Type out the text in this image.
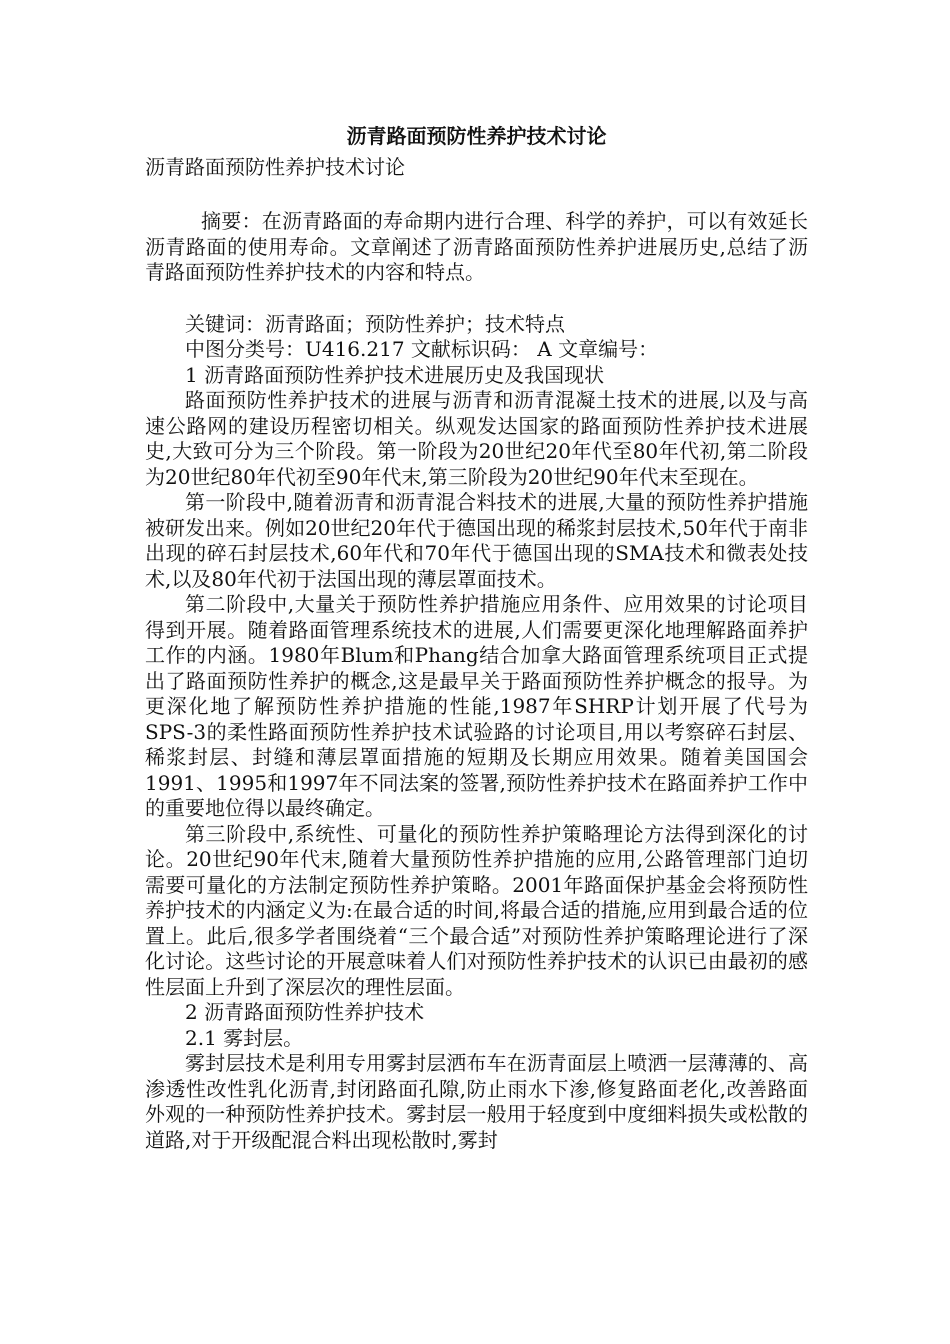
沥青路面预防性养护技术讨论

沥青路面预防性养护技术讨论

摘要：在沥青路面的寿命期内进行合理、科学的养护，可以有效延长沥青路面的使用寿命。文章阐述了沥青路面预防性养护进展历史,总结了沥青路面预防性养护技术的内容和特点。

关键词：沥青路面；预防性养护；技术特点

中图分类号：U416.217 文献标识码： A 文章编号：

1 沥青路面预防性养护技术进展历史及我国现状

路面预防性养护技术的进展与沥青和沥青混凝土技术的进展,以及与高速公路网的建设历程密切相关。纵观发达国家的路面预防性养护技术进展史,大致可分为三个阶段。第一阶段为20世纪20年代至80年代初,第二阶段为20世纪80年代初至90年代末,第三阶段为20世纪90年代末至现在。

第一阶段中,随着沥青和沥青混合料技术的进展,大量的预防性养护措施被研发出来。例如20世纪20年代于德国出现的稀浆封层技术,50年代于南非出现的碎石封层技术,60年代和70年代于德国出现的SMA技术和微表处技术,以及80年代初于法国出现的薄层罩面技术。

第二阶段中,大量关于预防性养护措施应用条件、应用效果的讨论项目得到开展。随着路面管理系统技术的进展,人们需要更深化地理解路面养护工作的内涵。1980年Blum和Phang结合加拿大路面管理系统项目正式提出了路面预防性养护的概念,这是最早关于路面预防性养护概念的报导。为更深化地了解预防性养护措施的性能,1987年SHRP计划开展了代号为SPS-3的柔性路面预防性养护技术试验路的讨论项目,用以考察碎石封层、稀浆封层、封缝和薄层罩面措施的短期及长期应用效果。随着美国国会1991、1995和1997年不同法案的签署,预防性养护技术在路面养护工作中的重要地位得以最终确定。

第三阶段中,系统性、可量化的预防性养护策略理论方法得到深化的讨论。20世纪90年代末,随着大量预防性养护措施的应用,公路管理部门迫切需要可量化的方法制定预防性养护策略。2001年路面保护基金会将预防性养护技术的内涵定义为:在最合适的时间,将最合适的措施,应用到最合适的位置上。此后,很多学者围绕着“三个最合适”对预防性养护策略理论进行了深化讨论。这些讨论的开展意味着人们对预防性养护技术的认识已由最初的感性层面上升到了深层次的理性层面。

2 沥青路面预防性养护技术

2.1 雾封层。

雾封层技术是利用专用雾封层洒布车在沥青面层上喷洒一层薄薄的、高渗透性改性乳化沥青,封闭路面孔隙,防止雨水下渗,修复路面老化,改善路面外观的一种预防性养护技术。雾封层一般用于轻度到中度细料损失或松散的道路,对于开级配混合料出现松散时,雾封
